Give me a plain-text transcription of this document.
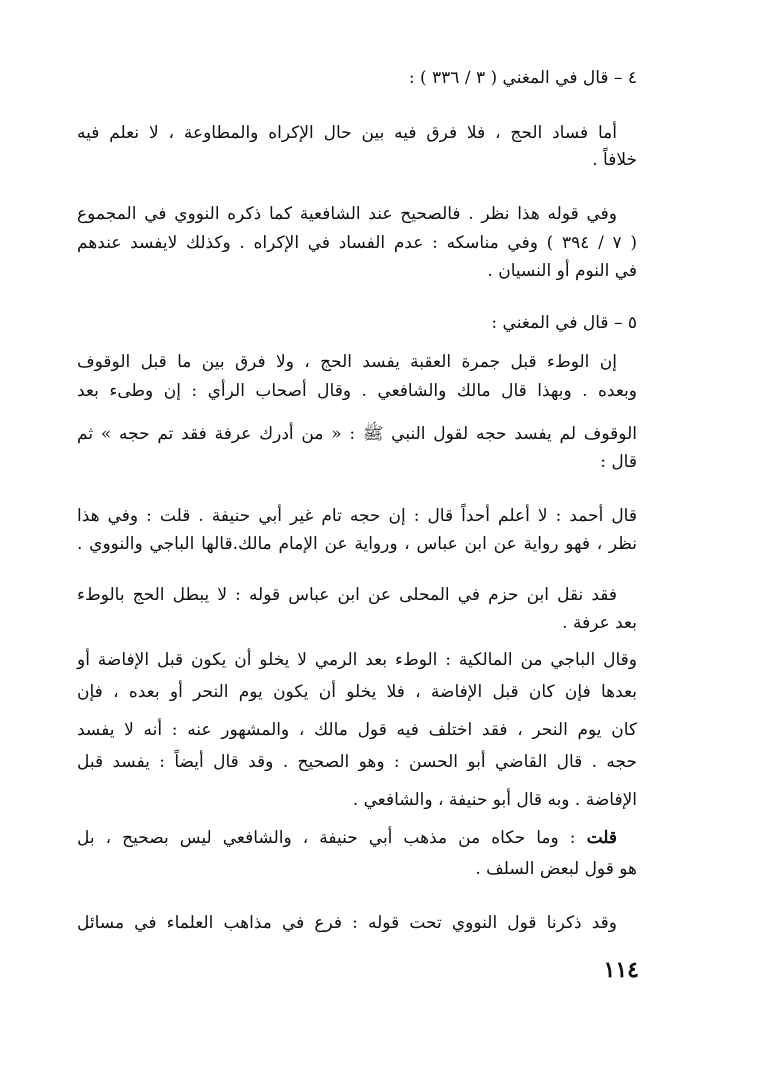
٤ – قال في المغني ( ٣ / ٣٣٦ ) :
أما فساد الحج ، فلا فرق فيه بين حال الإكراه والمطاوعة ، لا نعلم فيه
خلافاً .
وفي قوله هذا نظر . فالصحيح عند الشافعية كما ذكره النووي في المجموع
( ٧ / ٣٩٤ ) وفي مناسكه : عدم الفساد في الإكراه . وكذلك لايفسد عندهم
في النوم أو النسيان .
٥ – قال في المغني :
إن الوطء قبل جمرة العقبة يفسد الحج ، ولا فرق بين ما قبل الوقوف
وبعده . وبهذا قال مالك والشافعي . وقال أصحاب الرأي : إن وطىء بعد
الوقوف لم يفسد حجه لقول النبي ﷺ : « من أدرك عرفة فقد تم حجه » ثم
قال :
قال أحمد : لا أعلم أحداً قال : إن حجه تام غير أبي حنيفة . قلت : وفي هذا
نظر ، فهو رواية عن ابن عباس ، ورواية عن الإمام مالك.قالها الباجي والنووي .
فقد نقل ابن حزم في المحلى عن ابن عباس قوله : لا يبطل الحج بالوطء
بعد عرفة .
وقال الباجي من المالكية : الوطء بعد الرمي لا يخلو أن يكون قبل الإفاضة أو
بعدها فإن كان قبل الإفاضة ، فلا يخلو أن يكون يوم النحر أو بعده ، فإن
كان يوم النحر ، فقد اختلف فيه قول مالك ، والمشهور عنه : أنه لا يفسد
حجه . قال القاضي أبو الحسن : وهو الصحيح . وقد قال أيضاً : يفسد قبل
الإفاضة . وبه قال أبو حنيفة ، والشافعي .
قلت : وما حكاه من مذهب أبي حنيفة ، والشافعي ليس بصحيح ، بل
هو قول لبعض السلف .
وقد ذكرنا قول النووي تحت قوله : فرع في مذاهب العلماء في مسائل
١١٤
